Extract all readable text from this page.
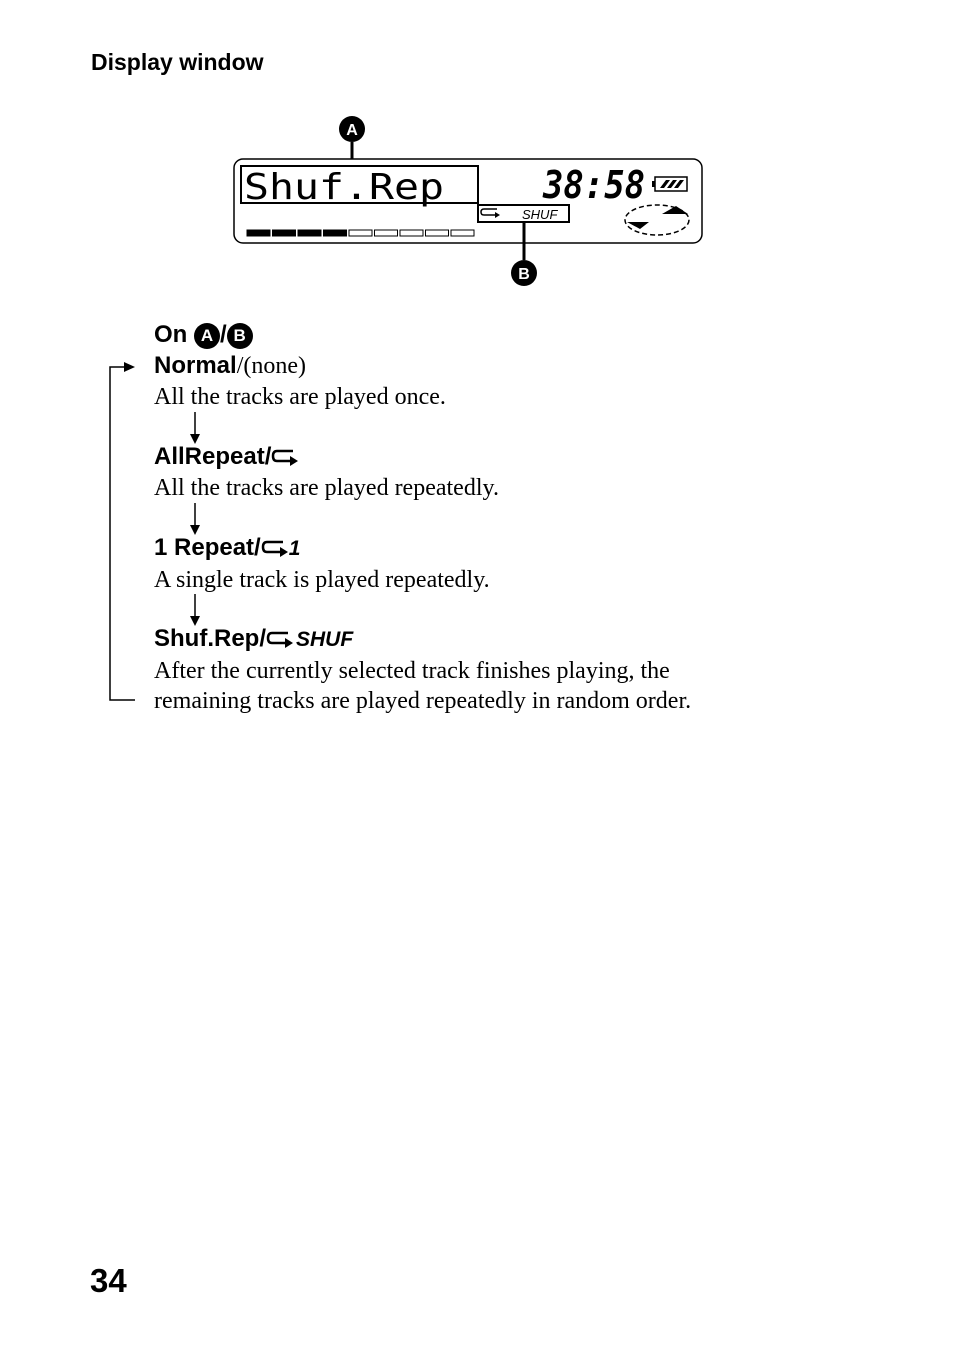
Display window
A
Shuf.Rep	38:58
SHUF
B
On A / B
Normal/(none)
All the tracks are played once.
AllRepeat/
All the tracks are played repeatedly.
1 Repeat/ 1
A single track is played repeatedly.
Shuf.Rep/ SHUF
After the currently selected track finishes playing, the
remaining tracks are played repeatedly in random order.
34
